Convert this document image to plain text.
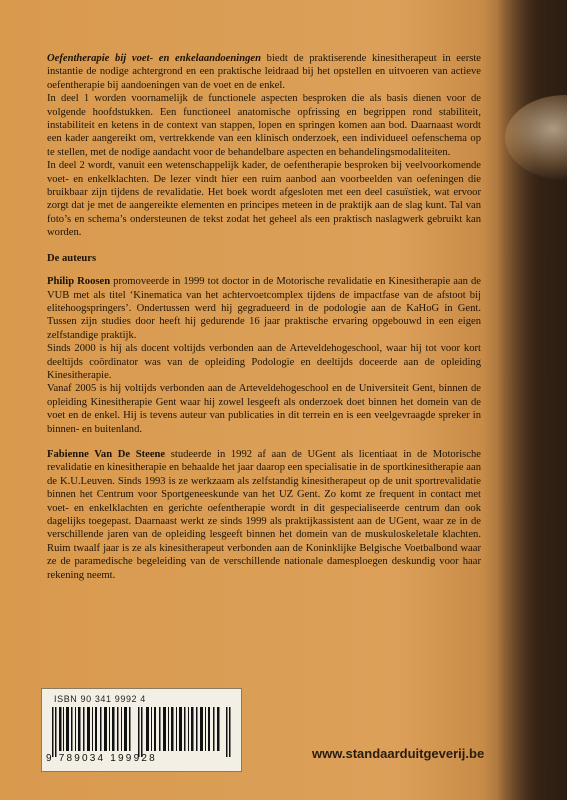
Oefentherapie bij voet- en enkelaandoeningen biedt de praktiserende kinesitherapeut in eerste instantie de nodige achtergrond en een praktische leidraad bij het opstellen en uitvoeren van actieve oefentherapie bij aandoeningen van de voet en de enkel.

In deel 1 worden voornamelijk de functionele aspecten besproken die als basis dienen voor de volgende hoofdstukken. Een functioneel anatomische opfrissing en begrippen rond stabiliteit, instabiliteit en ketens in de context van stappen, lopen en springen komen aan bod. Daarnaast wordt een kader aangereikt om, vertrekkende van een klinisch onderzoek, een individueel oefenschema op te stellen, met de nodige aandacht voor de behandelbare aspecten en behandelingsmodaliteiten.

In deel 2 wordt, vanuit een wetenschappelijk kader, de oefentherapie besproken bij veelvoorkomende voet- en enkelklachten. De lezer vindt hier een ruim aanbod aan voorbeelden van oefeningen die bruikbaar zijn tijdens de revalidatie. Het boek wordt afgesloten met een deel casuïstiek, wat ervoor zorgt dat je met de aangereikte elementen en principes meteen in de praktijk aan de slag kunt. Tal van foto’s en schema’s ondersteunen de tekst zodat het geheel als een praktisch naslagwerk gebruikt kan worden.

De auteurs

Philip Roosen promoveerde in 1999 tot doctor in de Motorische revalidatie en Kinesitherapie aan de VUB met als titel ‘Kinematica van het achtervoetcomplex tijdens de impactfase van de afstoot bij elitehoogspringers’. Ondertussen werd hij gegradueerd in de podologie aan de KaHoG in Gent. Tussen zijn studies door heeft hij gedurende 16 jaar praktische ervaring opgebouwd in een eigen zelfstandige praktijk.

Sinds 2000 is hij als docent voltijds verbonden aan de Arteveldehogeschool, waar hij tot voor kort deeltijds coördinator was van de opleiding Podologie en deeltijds doceerde aan de opleiding Kinesitherapie.

Vanaf 2005 is hij voltijds verbonden aan de Arteveldehogeschool en de Universiteit Gent, binnen de opleiding Kinesitherapie Gent waar hij zowel lesgeeft als onderzoek doet binnen het domein van de voet en de enkel. Hij is tevens auteur van publicaties in dit terrein en is een veelgevraagde spreker in binnen- en buitenland.

Fabienne Van De Steene studeerde in 1992 af aan de UGent als licentiaat in de Motorische revalidatie en kinesitherapie en behaalde het jaar daarop een specialisatie in de sportkinesitherapie aan de K.U.Leuven. Sinds 1993 is ze werkzaam als zelfstandig kinesitherapeut op de unit sportrevalidatie binnen het Centrum voor Sportgeneeskunde van het UZ Gent. Zo komt ze frequent in contact met voet- en enkelklachten en gerichte oefentherapie wordt in dit gespecialiseerde centrum dan ook dagelijks toegepast. Daarnaast werkt ze sinds 1999 als praktijkassistent aan de UGent, waar ze in de verschillende jaren van de opleiding lesgeeft binnen het domein van de muskuloskeletale klachten. Ruim twaalf jaar is ze als kinesitherapeut verbonden aan de Koninklijke Belgische Voetbalbond waar ze de paramedische begeleiding van de verschillende nationale damesploegen deskundig voor haar rekening neemt.

ISBN 90 341 9992 4
9 789034 199928	www.standaarduitgeverij.be
